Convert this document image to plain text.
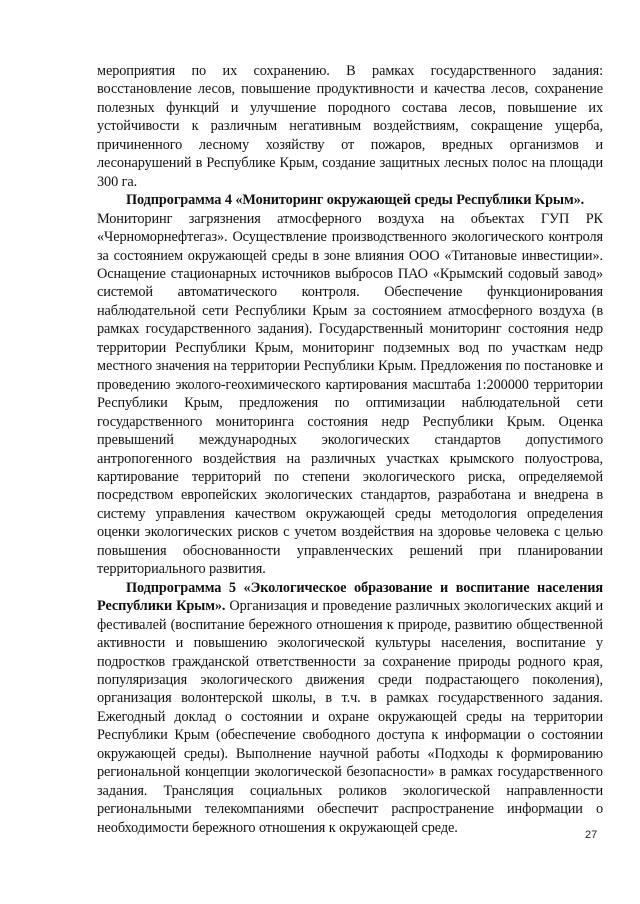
мероприятия по их сохранению. В рамках государственного задания: восстановление лесов, повышение продуктивности и качества лесов, сохранение полезных функций и улучшение породного состава лесов, повышение их устойчивости к различным негативным воздействиям, сокращение ущерба, причиненного лесному хозяйству от пожаров, вредных организмов и лесонарушений в Республике Крым, создание защитных лесных полос на площади 300 га.

Подпрограмма 4 «Мониторинг окружающей среды Республики Крым».

Мониторинг загрязнения атмосферного воздуха на объектах ГУП РК «Черноморнефтегаз». Осуществление производственного экологического контроля за состоянием окружающей среды в зоне влияния ООО «Титановые инвестиции». Оснащение стационарных источников выбросов ПАО «Крымский содовый завод» системой автоматического контроля. Обеспечение функционирования наблюдательной сети Республики Крым за состоянием атмосферного воздуха (в рамках государственного задания). Государственный мониторинг состояния недр территории Республики Крым, мониторинг подземных вод по участкам недр местного значения на территории Республики Крым. Предложения по постановке и проведению эколого-геохимического картирования масштаба 1:200000 территории Республики Крым, предложения по оптимизации наблюдательной сети государственного мониторинга состояния недр Республики Крым. Оценка превышений международных экологических стандартов допустимого антропогенного воздействия на различных участках крымского полуострова, картирование территорий по степени экологического риска, определяемой посредством европейских экологических стандартов, разработана и внедрена в систему управления качеством окружающей среды методология определения оценки экологических рисков с учетом воздействия на здоровье человека с целью повышения обоснованности управленческих решений при планировании территориального развития.

Подпрограмма 5 «Экологическое образование и воспитание населения Республики Крым». Организация и проведение различных экологических акций и фестивалей (воспитание бережного отношения к природе, развитию общественной активности и повышению экологической культуры населения, воспитание у подростков гражданской ответственности за сохранение природы родного края, популяризация экологического движения среди подрастающего поколения), организация волонтерской школы, в т.ч. в рамках государственного задания. Ежегодный доклад о состоянии и охране окружающей среды на территории Республики Крым (обеспечение свободного доступа к информации о состоянии окружающей среды). Выполнение научной работы «Подходы к формированию региональной концепции экологической безопасности» в рамках государственного задания. Трансляция социальных роликов экологической направленности региональными телекомпаниями обеспечит распространение информации о необходимости бережного отношения к окружающей среде.	27
